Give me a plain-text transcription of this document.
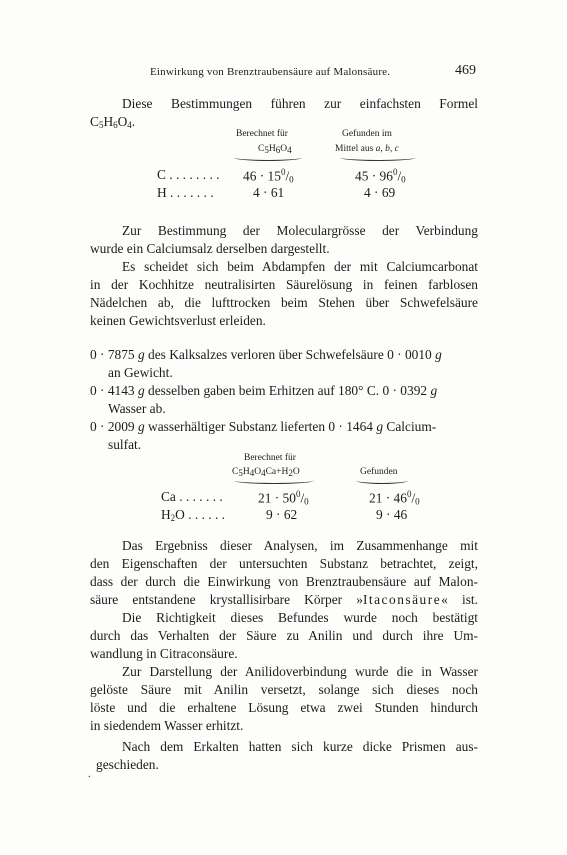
Einwirkung von Brenztraubensäure auf Malonsäure.	469
Diese Bestimmungen führen zur einfachsten Formel
$C_5H_6O_4$.
Berechnet für
$C_5H_6O_4$
Gefunden im
Mittel aus a, b, c
C . . . . . . . . $46 \cdot 15^0/_0$	$45 \cdot 96^0/_0$
H . . . . . . .	4 · 61	4 · 69
Zur Bestimmung der Moleculargrösse der Verbindung
wurde ein Calciumsalz derselben dargestellt.
Es scheidet sich beim Abdampfen der mit Calciumcarbonat
in der Kochhitze neutralisirten Säurelösung in feinen farblosen
Nädelchen ab, die lufttrocken beim Stehen über Schwefelsäure
keinen Gewichtsverlust erleiden.
0 · 7875 g des Kalksalzes verloren über Schwefelsäure 0 · 0010 g
an Gewicht.
0 · 4143 g desselben gaben beim Erhitzen auf 180° C. 0 · 0392 g
Wasser ab.
0 · 2009 g wasserhältiger Substanz lieferten 0 · 1464 g Calcium-
sulfat.
Berechnet für
$C_5H_4O_4Ca+H_2O$	Gefunden
Ca . . . . . . .	$21 \cdot 50^0/_0$	$21 \cdot 46^0/_0$
$H_2O$ . . . . . .	9 · 62	9 · 46
Das Ergebniss dieser Analysen, im Zusammenhange mit
den Eigenschaften der untersuchten Substanz betrachtet, zeigt,
dass der durch die Einwirkung von Brenztraubensäure auf Malon-
säure entstandene krystallisirbare Körper »Itaconsäure« ist.
Die Richtigkeit dieses Befundes wurde noch bestätigt
durch das Verhalten der Säure zu Anilin und durch ihre Um-
wandlung in Citraconsäure.
Zur Darstellung der Anilidoverbindung wurde die in Wasser
gelöste Säure mit Anilin versetzt, solange sich dieses noch
löste und die erhaltene Lösung etwa zwei Stunden hindurch
in siedendem Wasser erhitzt.
Nach dem Erkalten hatten sich kurze dicke Prismen aus-
geschieden.
.
